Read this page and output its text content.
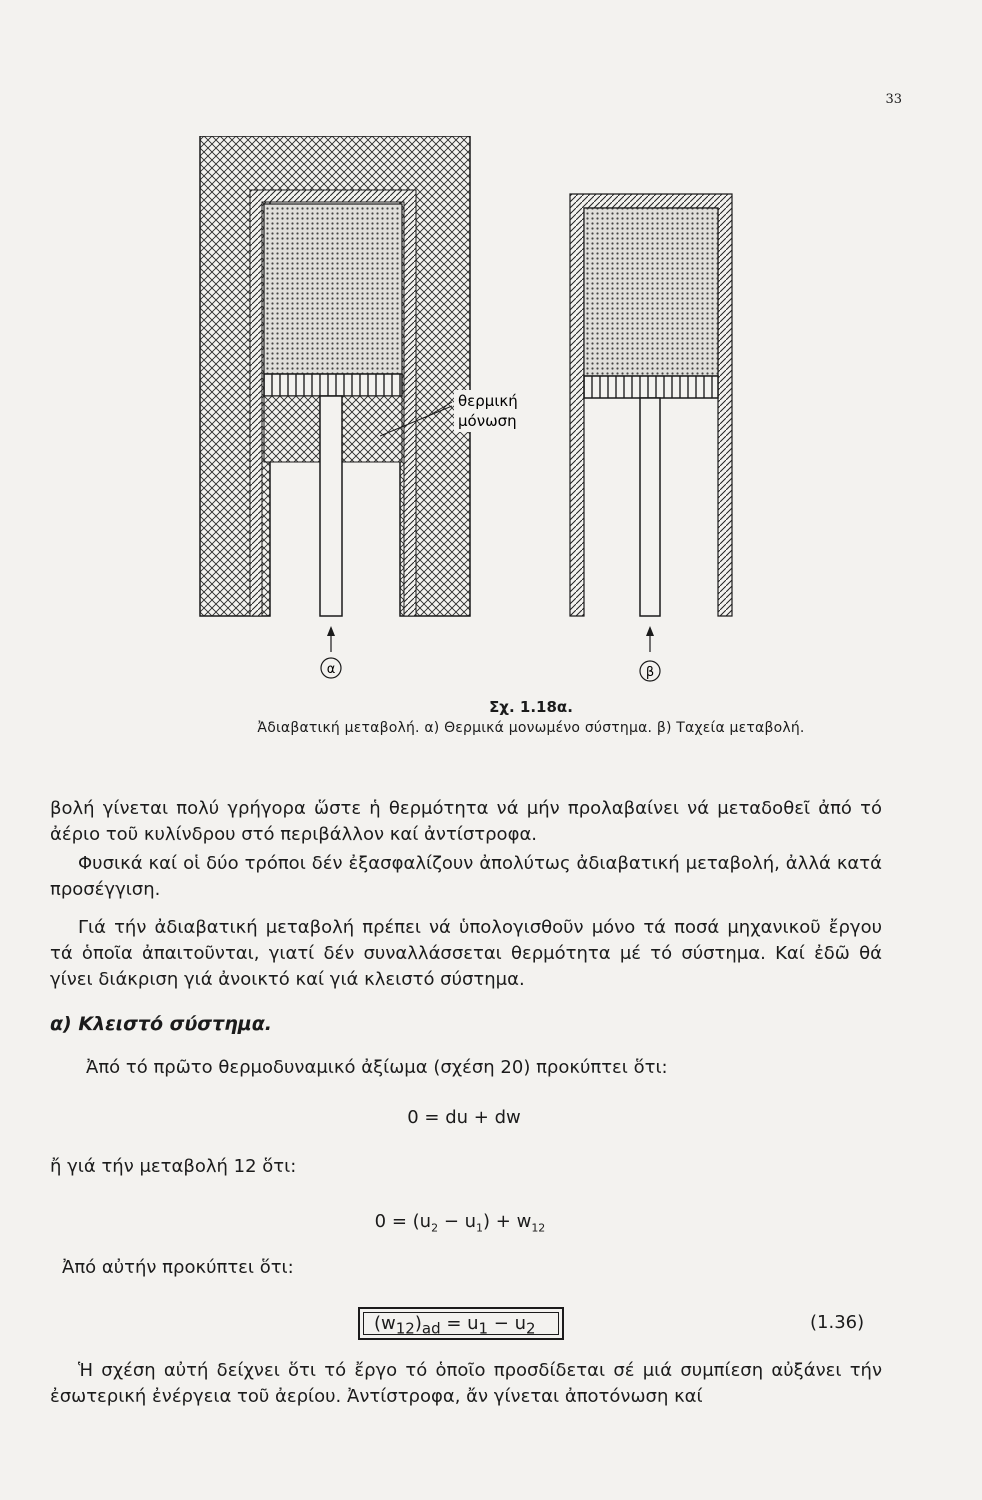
33
α
θερμική
μόνωση
β
Σχ. 1.18α.
Ἀδιαβατική μεταβολή. α) Θερμικά μονωμένο σύστημα. β) Ταχεία μεταβολή.
βολή γίνεται πολύ γρήγορα ὥστε ἡ θερμότητα νά μήν προλαβαίνει νά μεταδοθεῖ ἀπό τό ἀέριο τοῦ κυλίνδρου στό περιβάλλον καί ἀντίστροφα.
Φυσικά καί οἱ δύο τρόποι δέν ἐξασφαλίζουν ἀπολύτως ἀδιαβατική μεταβολή, ἀλλά κατά προσέγγιση.
Γιά τήν ἀδιαβατική μεταβολή πρέπει νά ὑπολογισθοῦν μόνο τά ποσά μηχανικοῦ ἔργου τά ὁποῖα ἀπαιτοῦνται, γιατί δέν συναλλάσσεται θερμότητα μέ τό σύστημα. Καί ἐδῶ θά γίνει διάκριση γιά ἀνοικτό καί γιά κλειστό σύστημα.
α) Κλειστό σύστημα.
Ἀπό τό πρῶτο θερμοδυναμικό ἀξίωμα (σχέση 20) προκύπτει ὅτι:
0 = du + dw
ἤ γιά τήν μεταβολή 12 ὅτι:
$0 = (u_2 - u_1) + w_{12}$
Ἀπό αὐτήν προκύπτει ὅτι:
$(w_{12})_{ad} = u_1 - u_2$	(1.36)
Ἡ σχέση αὐτή δείχνει ὅτι τό ἔργο τό ὁποῖο προσδίδεται σέ μιά συμπίεση αὐξάνει τήν ἐσωτερική ἐνέργεια τοῦ ἀερίου. Ἀντίστροφα, ἄν γίνεται ἀποτόνωση καί
